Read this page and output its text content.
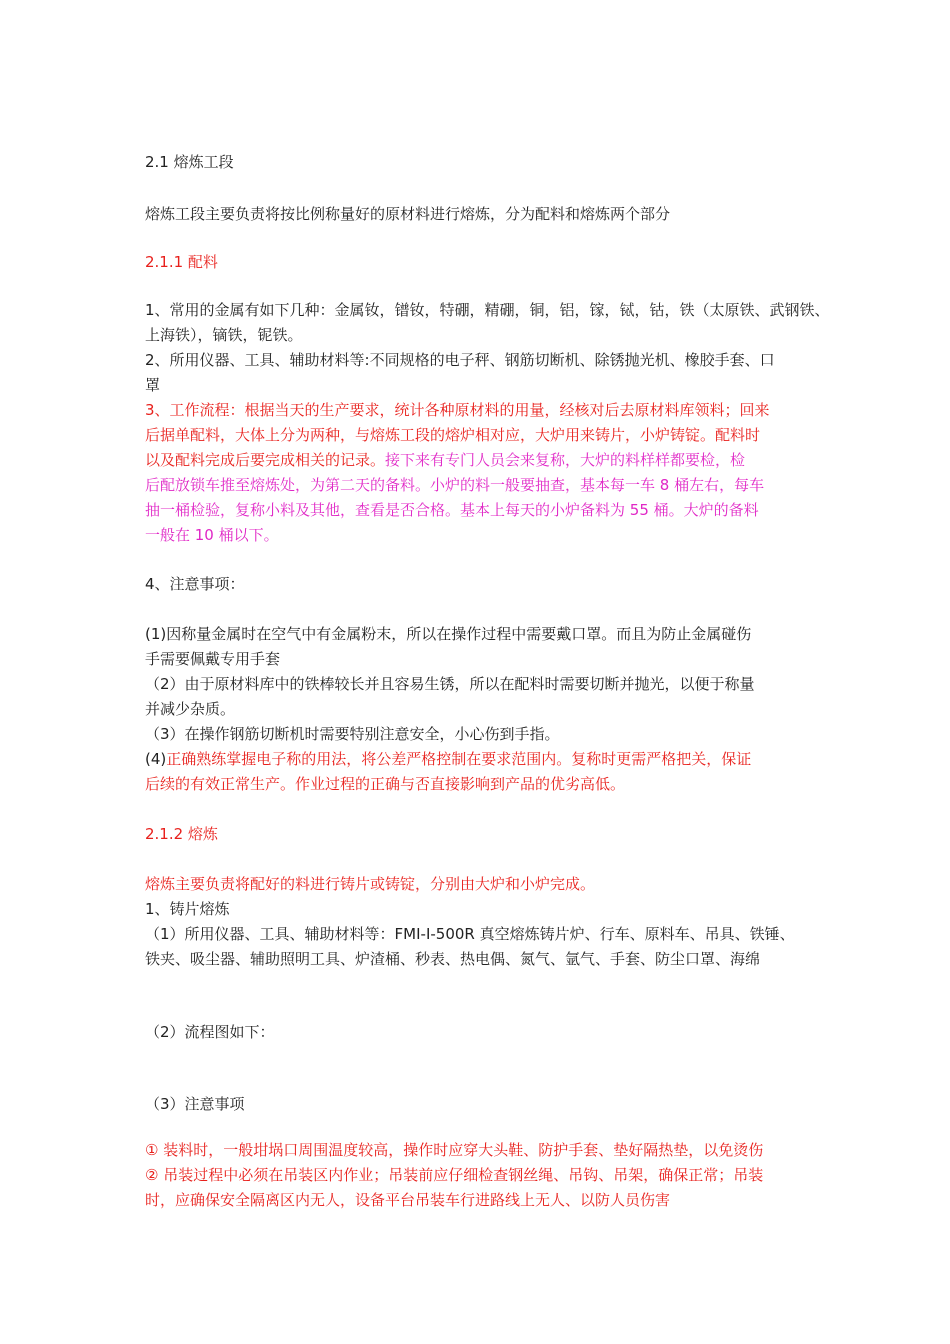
2.1 熔炼工段
熔炼工段主要负责将按比例称量好的原材料进行熔炼，分为配料和熔炼两个部分
2.1.1 配料
1、常用的金属有如下几种：金属钕，镨钕，特硼，精硼，铜，铝，镓，铽，钴，铁（太原铁、武钢铁、
上海铁），镝铁，铌铁。
2、所用仪器、工具、辅助材料等:不同规格的电子秤、钢筋切断机、除锈抛光机、橡胶手套、口
罩
3、工作流程：根据当天的生产要求，统计各种原材料的用量，经核对后去原材料库领料；回来
后据单配料，大体上分为两种，与熔炼工段的熔炉相对应，大炉用来铸片，小炉铸锭。配料时
以及配料完成后要完成相关的记录。接下来有专门人员会来复称，大炉的料样样都要检，检
后配放锁车推至熔炼处，为第二天的备料。小炉的料一般要抽查，基本每一车 8 桶左右，每车
抽一桶检验，复称小料及其他，查看是否合格。基本上每天的小炉备料为 55 桶。大炉的备料
一般在 10 桶以下。
4、注意事项：
(1)因称量金属时在空气中有金属粉末，所以在操作过程中需要戴口罩。而且为防止金属碰伤
手需要佩戴专用手套
（2）由于原材料库中的铁棒较长并且容易生锈，所以在配料时需要切断并抛光，以便于称量
并减少杂质。
（3）在操作钢筋切断机时需要特别注意安全，小心伤到手指。
(4)正确熟练掌握电子称的用法，将公差严格控制在要求范围内。复称时更需严格把关，保证
后续的有效正常生产。作业过程的正确与否直接影响到产品的优劣高低。
2.1.2 熔炼
熔炼主要负责将配好的料进行铸片或铸锭，分别由大炉和小炉完成。
1、铸片熔炼
（1）所用仪器、工具、辅助材料等：FMI-I-500R 真空熔炼铸片炉、行车、原料车、吊具、铁锤、
铁夹、吸尘器、辅助照明工具、炉渣桶、秒表、热电偶、氮气、氩气、手套、防尘口罩、海绵
（2）流程图如下：
（3）注意事项
① 装料时，一般坩埚口周围温度较高，操作时应穿大头鞋、防护手套、垫好隔热垫，以免烫伤
② 吊装过程中必须在吊装区内作业；吊装前应仔细检查钢丝绳、吊钩、吊架，确保正常；吊装
时，应确保安全隔离区内无人，设备平台吊装车行进路线上无人、以防人员伤害
